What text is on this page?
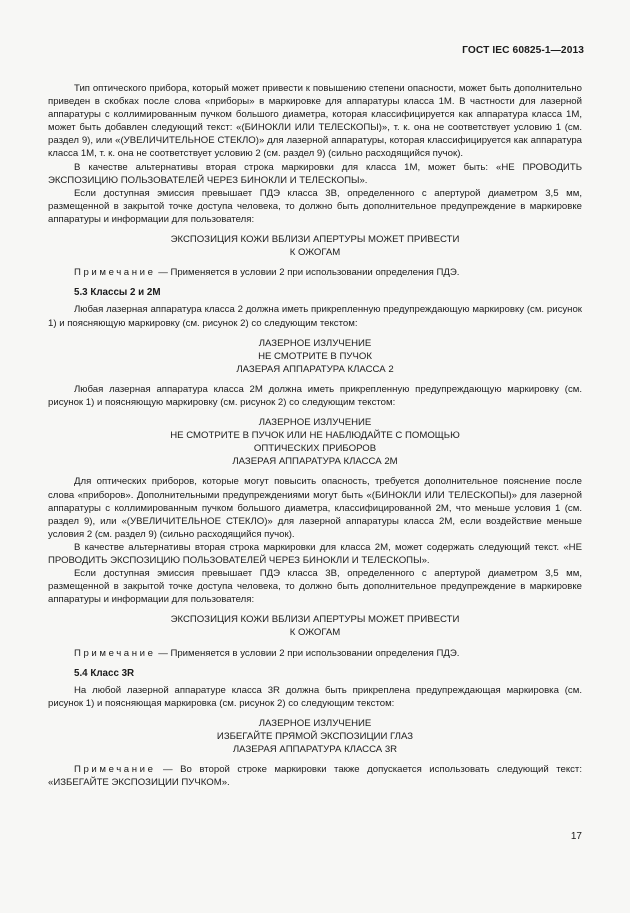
ГОСТ IEC 60825-1—2013

Тип оптического прибора, который может привести к повышению степени опасности, может быть дополнительно приведен в скобках после слова «приборы» в маркировке для аппаратуры класса 1M. В частности для лазерной аппаратуры с коллимированным пучком большого диаметра, которая классифицируется как аппаратура класса 1M, может быть добавлен следующий текст: «(БИНОКЛИ ИЛИ ТЕЛЕСКОПЫ)», т. к. она не соответствует условию 1 (см. раздел 9), или «(УВЕЛИЧИТЕЛЬНОЕ СТЕКЛО)» для лазерной аппаратуры, которая классифицируется как аппаратура класса 1M, т. к. она не соответствует условию 2 (см. раздел 9) (сильно расходящийся пучок).

В качестве альтернативы вторая строка маркировки для класса 1M, может быть: «НЕ ПРОВОДИТЬ ЭКСПОЗИЦИЮ ПОЛЬЗОВАТЕЛЕЙ ЧЕРЕЗ БИНОКЛИ И ТЕЛЕСКОПЫ».

Если доступная эмиссия превышает ПДЭ класса 3B, определенного с апертурой диаметром 3,5 мм, размещенной в закрытой точке доступа человека, то должно быть дополнительное предупреждение в маркировке аппаратуры и информации для пользователя:

ЭКСПОЗИЦИЯ КОЖИ ВБЛИЗИ АПЕРТУРЫ МОЖЕТ ПРИВЕСТИ

К ОЖОГАМ

Примечание — Применяется в условии 2 при использовании определения ПДЭ.

5.3 Классы 2 и 2M

Любая лазерная аппаратура класса 2 должна иметь прикрепленную предупреждающую маркировку (см. рисунок 1) и поясняющую маркировку (см. рисунок 2) со следующим текстом:

ЛАЗЕРНОЕ ИЗЛУЧЕНИЕ

НЕ СМОТРИТЕ В ПУЧОК

ЛАЗЕРАЯ АППАРАТУРА КЛАССА 2

Любая лазерная аппаратура класса 2M должна иметь прикрепленную предупреждающую маркировку (см. рисунок 1) и поясняющую маркировку (см. рисунок 2) со следующим текстом:

ЛАЗЕРНОЕ ИЗЛУЧЕНИЕ

НЕ СМОТРИТЕ В ПУЧОК ИЛИ НЕ НАБЛЮДАЙТЕ С ПОМОЩЬЮ

ОПТИЧЕСКИХ ПРИБОРОВ

ЛАЗЕРАЯ АППАРАТУРА КЛАССА 2M

Для оптических приборов, которые могут повысить опасность, требуется дополнительное пояснение после слова «приборов». Дополнительными предупреждениями могут быть «(БИНОКЛИ ИЛИ ТЕЛЕСКОПЫ)» для лазерной аппаратуры с коллимированным пучком большого диаметра, классифицированной 2M, что меньше условия 1 (см. раздел 9), или «(УВЕЛИЧИТЕЛЬНОЕ СТЕКЛО)» для лазерной аппаратуры класса 2M, если воздействие меньше условия 2 (см. раздел 9) (сильно расходящийся пучок).

В качестве альтернативы вторая строка маркировки для класса 2M, может содержать следующий текст. «НЕ ПРОВОДИТЬ ЭКСПОЗИЦИЮ ПОЛЬЗОВАТЕЛЕЙ ЧЕРЕЗ БИНОКЛИ И ТЕЛЕСКОПЫ».

Если доступная эмиссия превышает ПДЭ класса 3B, определенного с апертурой диаметром 3,5 мм, размещенной в закрытой точке доступа человека, то должно быть дополнительное предупреждение в маркировке аппаратуры и информации для пользователя:

ЭКСПОЗИЦИЯ КОЖИ ВБЛИЗИ АПЕРТУРЫ МОЖЕТ ПРИВЕСТИ

К ОЖОГАМ

Примечание — Применяется в условии 2 при использовании определения ПДЭ.

5.4 Класс 3R

На любой лазерной аппаратуре класса 3R должна быть прикреплена предупреждающая маркировка (см. рисунок 1) и поясняющая маркировка (см. рисунок 2) со следующим текстом:

ЛАЗЕРНОЕ ИЗЛУЧЕНИЕ

ИЗБЕГАЙТЕ ПРЯМОЙ ЭКСПОЗИЦИИ ГЛАЗ

ЛАЗЕРАЯ АППАРАТУРА КЛАССА 3R

Примечание — Во второй строке маркировки также допускается использовать следующий текст: «ИЗБЕГАЙТЕ ЭКСПОЗИЦИИ ПУЧКОМ».

17
